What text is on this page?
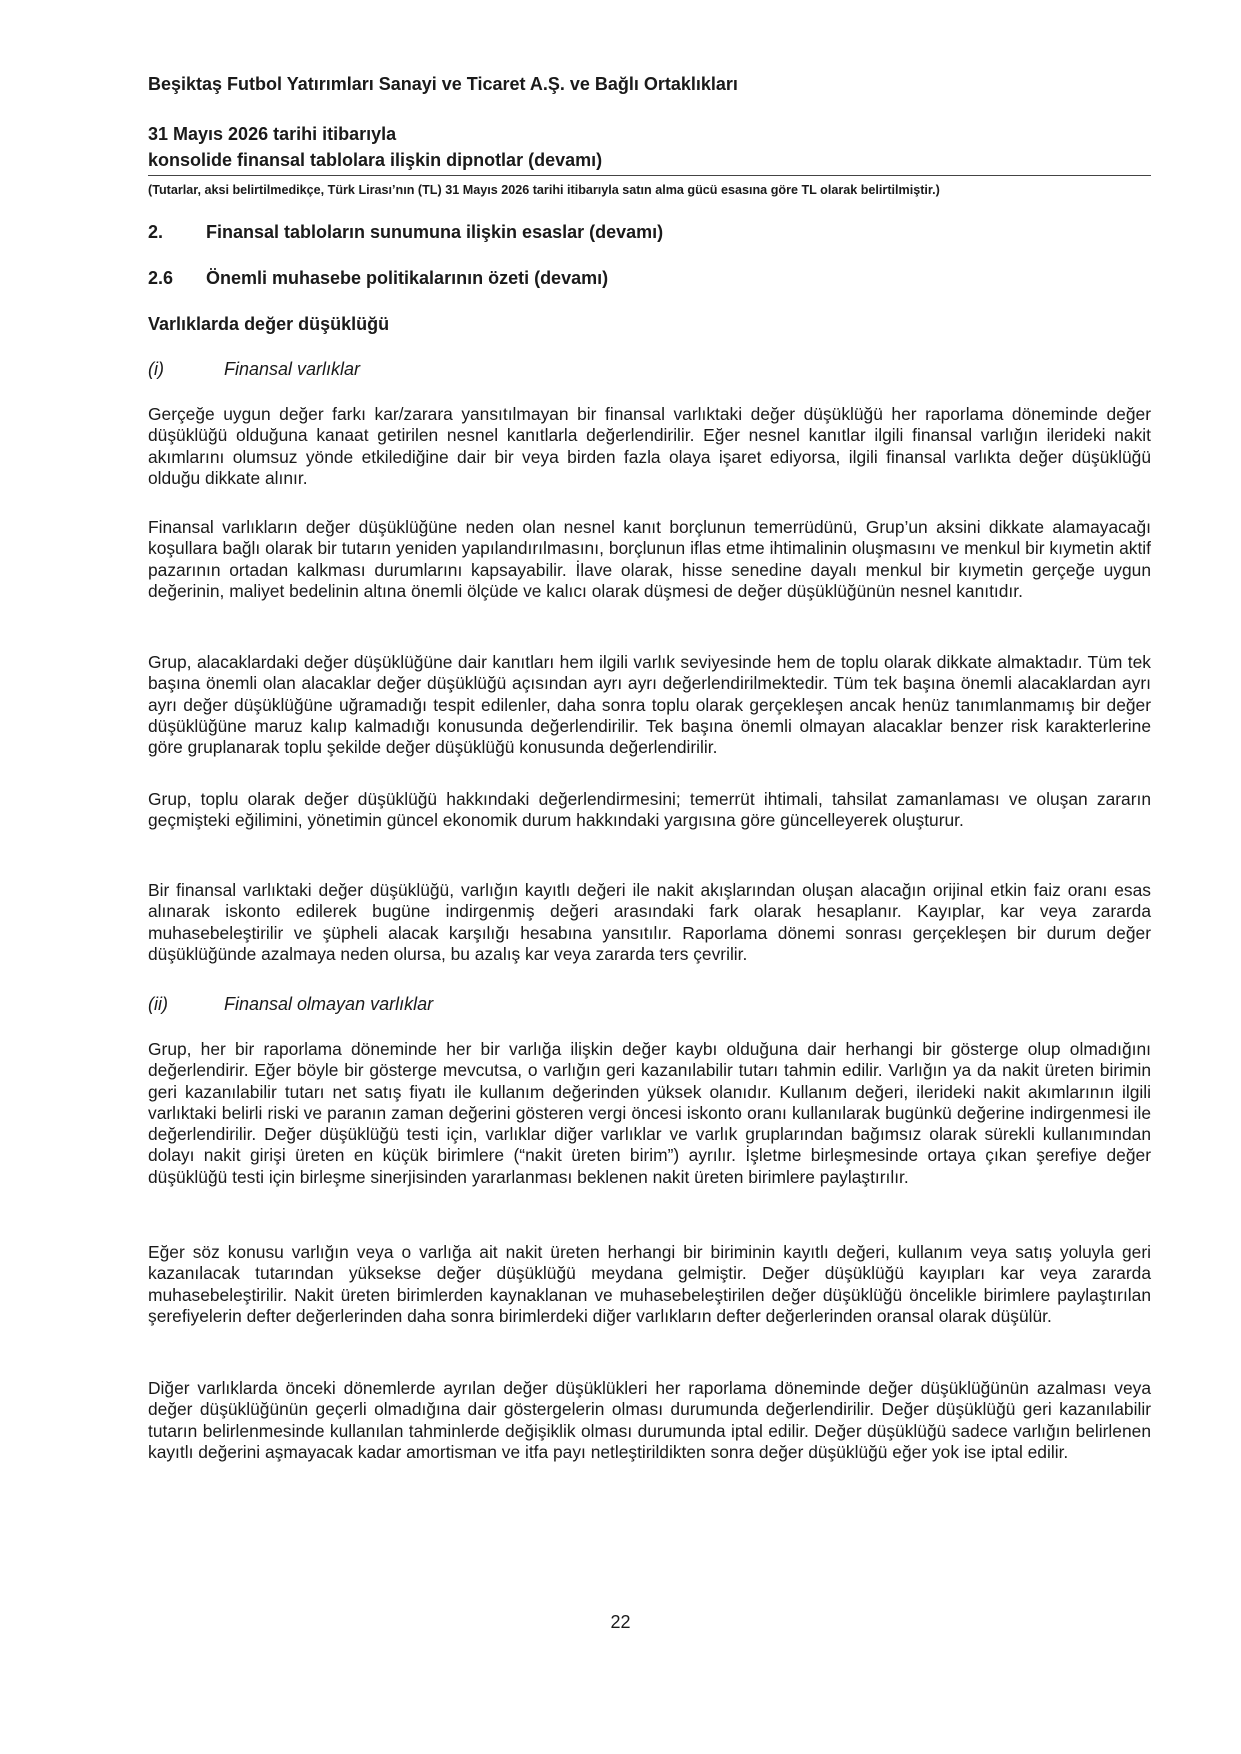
Beşiktaş Futbol Yatırımları Sanayi ve Ticaret A.Ş. ve Bağlı Ortaklıkları
31 Mayıs 2026 tarihi itibarıyla
konsolide finansal tablolara ilişkin dipnotlar (devamı)
(Tutarlar, aksi belirtilmedikçe, Türk Lirası’nın (TL) 31 Mayıs 2026 tarihi itibarıyla satın alma gücü esasına göre TL olarak belirtilmiştir.)
2. Finansal tabloların sunumuna ilişkin esaslar (devamı)
2.6 Önemli muhasebe politikalarının özeti (devamı)
Varlıklarda değer düşüklüğü
(i)	Finansal varlıklar

Gerçeğe uygun değer farkı kar/zarara yansıtılmayan bir finansal varlıktaki değer düşüklüğü her raporlama döneminde değer düşüklüğü olduğuna kanaat getirilen nesnel kanıtlarla değerlendirilir. Eğer nesnel kanıtlar ilgili finansal varlığın ilerideki nakit akımlarını olumsuz yönde etkilediğine dair bir veya birden fazla olaya işaret ediyorsa, ilgili finansal varlıkta değer düşüklüğü olduğu dikkate alınır.

Finansal varlıkların değer düşüklüğüne neden olan nesnel kanıt borçlunun temerrüdünü, Grup’un aksini dikkate alamayacağı koşullara bağlı olarak bir tutarın yeniden yapılandırılmasını, borçlunun iflas etme ihtimalinin oluşmasını ve menkul bir kıymetin aktif pazarının ortadan kalkması durumlarını kapsayabilir. İlave olarak, hisse senedine dayalı menkul bir kıymetin gerçeğe uygun değerinin, maliyet bedelinin altına önemli ölçüde ve kalıcı olarak düşmesi de değer düşüklüğünün nesnel kanıtıdır.

Grup, alacaklardaki değer düşüklüğüne dair kanıtları hem ilgili varlık seviyesinde hem de toplu olarak dikkate almaktadır. Tüm tek başına önemli olan alacaklar değer düşüklüğü açısından ayrı ayrı değerlendirilmektedir. Tüm tek başına önemli alacaklardan ayrı ayrı değer düşüklüğüne uğramadığı tespit edilenler, daha sonra toplu olarak gerçekleşen ancak henüz tanımlanmamış bir değer düşüklüğüne maruz kalıp kalmadığı konusunda değerlendirilir. Tek başına önemli olmayan alacaklar benzer risk karakterlerine göre gruplanarak toplu şekilde değer düşüklüğü konusunda değerlendirilir.

Grup, toplu olarak değer düşüklüğü hakkındaki değerlendirmesini; temerrüt ihtimali, tahsilat zamanlaması ve oluşan zararın geçmişteki eğilimini, yönetimin güncel ekonomik durum hakkındaki yargısına göre güncelleyerek oluşturur.

Bir finansal varlıktaki değer düşüklüğü, varlığın kayıtlı değeri ile nakit akışlarından oluşan alacağın orijinal etkin faiz oranı esas alınarak iskonto edilerek bugüne indirgenmiş değeri arasındaki fark olarak hesaplanır. Kayıplar, kar veya zararda muhasebeleştirilir ve şüpheli alacak karşılığı hesabına yansıtılır. Raporlama dönemi sonrası gerçekleşen bir durum değer düşüklüğünde azalmaya neden olursa, bu azalış kar veya zararda ters çevrilir.

(ii)	Finansal olmayan varlıklar

Grup, her bir raporlama döneminde her bir varlığa ilişkin değer kaybı olduğuna dair herhangi bir gösterge olup olmadığını değerlendirir. Eğer böyle bir gösterge mevcutsa, o varlığın geri kazanılabilir tutarı tahmin edilir. Varlığın ya da nakit üreten birimin geri kazanılabilir tutarı net satış fiyatı ile kullanım değerinden yüksek olanıdır. Kullanım değeri, ilerideki nakit akımlarının ilgili varlıktaki belirli riski ve paranın zaman değerini gösteren vergi öncesi iskonto oranı kullanılarak bugünkü değerine indirgenmesi ile değerlendirilir. Değer düşüklüğü testi için, varlıklar diğer varlıklar ve varlık gruplarından bağımsız olarak sürekli kullanımından dolayı nakit girişi üreten en küçük birimlere (“nakit üreten birim”) ayrılır. İşletme birleşmesinde ortaya çıkan şerefiye değer düşüklüğü testi için birleşme sinerjisinden yararlanması beklenen nakit üreten birimlere paylaştırılır.

Eğer söz konusu varlığın veya o varlığa ait nakit üreten herhangi bir biriminin kayıtlı değeri, kullanım veya satış yoluyla geri kazanılacak tutarından yüksekse değer düşüklüğü meydana gelmiştir. Değer düşüklüğü kayıpları kar veya zararda muhasebeleştirilir. Nakit üreten birimlerden kaynaklanan ve muhasebeleştirilen değer düşüklüğü öncelikle birimlere paylaştırılan şerefiyelerin defter değerlerinden daha sonra birimlerdeki diğer varlıkların defter değerlerinden oransal olarak düşülür.

Diğer varlıklarda önceki dönemlerde ayrılan değer düşüklükleri her raporlama döneminde değer düşüklüğünün azalması veya değer düşüklüğünün geçerli olmadığına dair göstergelerin olması durumunda değerlendirilir. Değer düşüklüğü geri kazanılabilir tutarın belirlenmesinde kullanılan tahminlerde değişiklik olması durumunda iptal edilir. Değer düşüklüğü sadece varlığın belirlenen kayıtlı değerini aşmayacak kadar amortisman ve itfa payı netleştirildikten sonra değer düşüklüğü eğer yok ise iptal edilir.

22
